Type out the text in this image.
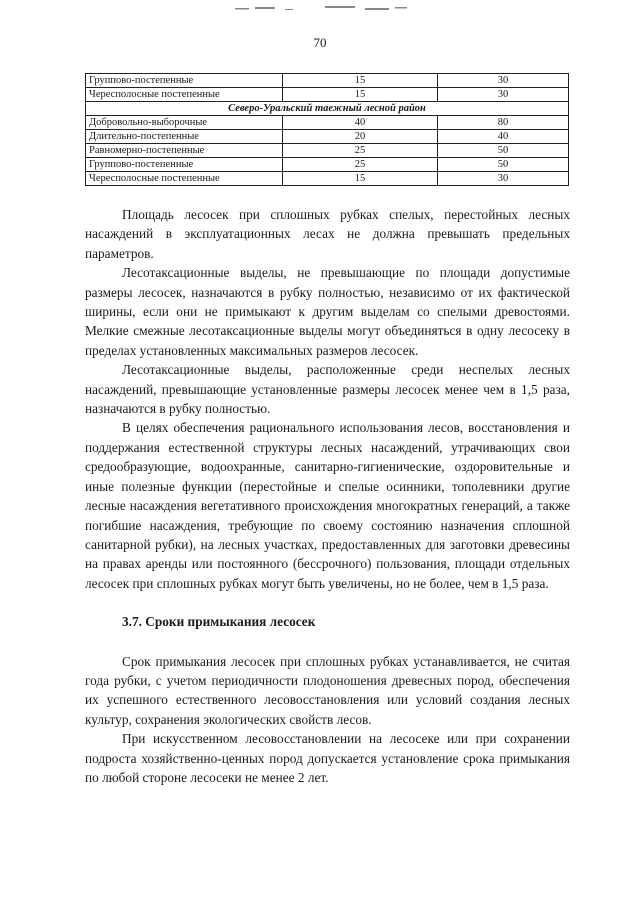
70
Группово-постепенные	15	30
Чересполосные постепенные	15	30
Северо-Уральский таежный лесной район		
Добровольно-выборочные	40	80
Длительно-постепенные	20	40
Равномерно-постепенные	25	50
Группово-постепенные	25	50
Чересполосные постепенные	15	30

Площадь лесосек при сплошных рубках спелых, перестойных лесных насаждений в эксплуатационных лесах не должна превышать предельных параметров.

Лесотаксационные выделы, не превышающие по площади допустимые размеры лесосек, назначаются в рубку полностью, независимо от их фактической ширины, если они не примыкают к другим выделам со спелыми древостоями. Мелкие смежные лесотаксационные выделы могут объединяться в одну лесосеку в пределах установленных максимальных размеров лесосек.

Лесотаксационные выделы, расположенные среди неспелых лесных насаждений, превышающие установленные размеры лесосек менее чем в 1,5 раза, назначаются в рубку полностью.

В целях обеспечения рационального использования лесов, восстановления и поддержания естественной структуры лесных насаждений, утрачивающих свои средообразующие, водоохранные, санитарно-гигиенические, оздоровительные и иные полезные функции (перестойные и спелые осинники, тополевники другие лесные насаждения вегетативного происхождения многократных генераций, а также погибшие насаждения, требующие по своему состоянию назначения сплошной санитарной рубки), на лесных участках, предоставленных для заготовки древесины на правах аренды или постоянного (бессрочного) пользования, площади отдельных лесосек при сплошных рубках могут быть увеличены, но не более, чем в 1,5 раза.

3.7. Сроки примыкания лесосек

Срок примыкания лесосек при сплошных рубках устанавливается, не считая года рубки, с учетом периодичности плодоношения древесных пород, обеспечения их успешного естественного лесовосстановления или условий создания лесных культур, сохранения экологических свойств лесов.

При искусственном лесовосстановлении на лесосеке или при сохранении подроста хозяйственно-ценных пород допускается установление срока примыкания по любой стороне лесосеки не менее 2 лет.
